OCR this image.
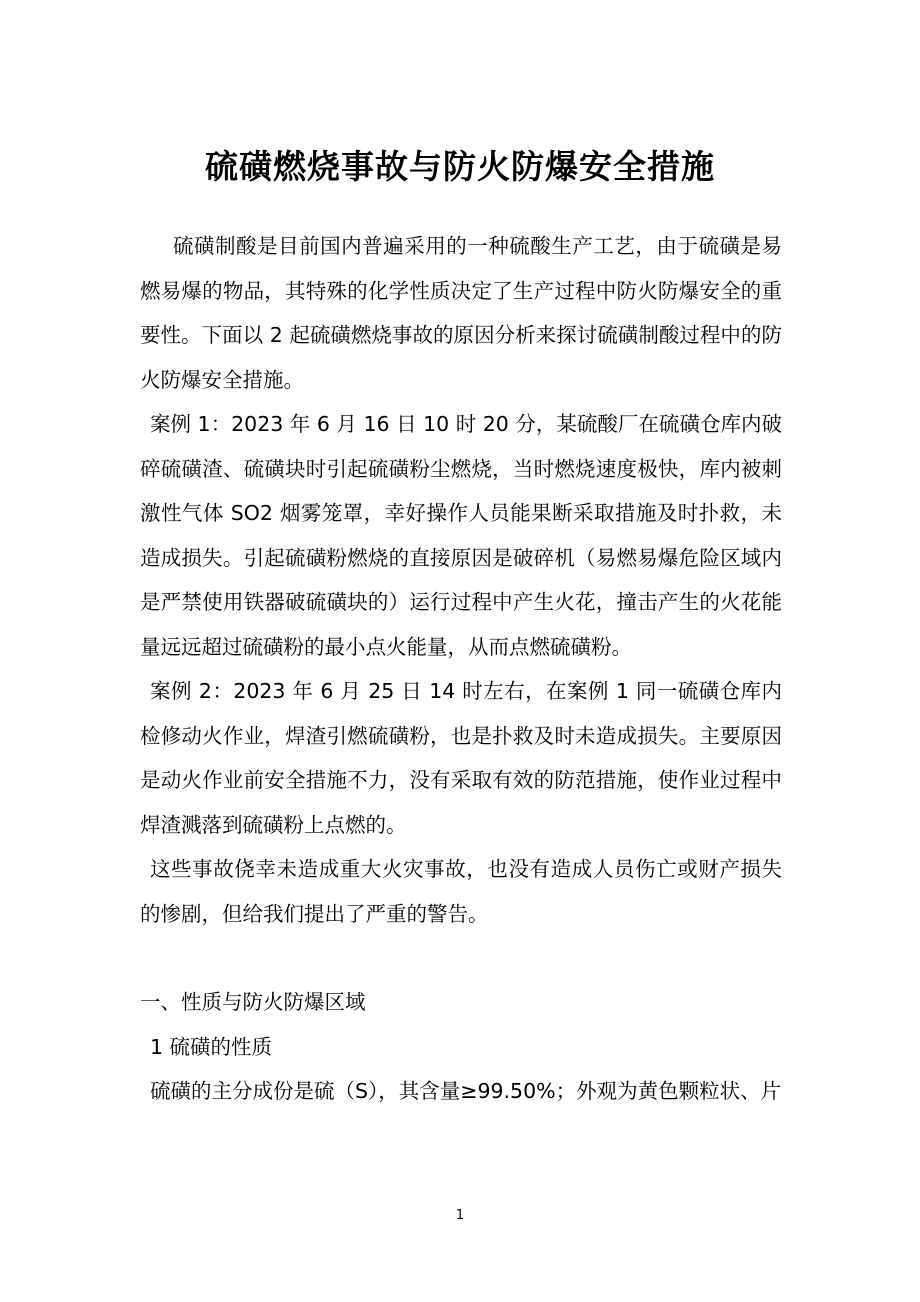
硫磺燃烧事故与防火防爆安全措施

硫磺制酸是目前国内普遍采用的一种硫酸生产工艺，由于硫磺是易燃易爆的物品，其特殊的化学性质决定了生产过程中防火防爆安全的重要性。下面以 2 起硫磺燃烧事故的原因分析来探讨硫磺制酸过程中的防火防爆安全措施。

案例 1：2023 年 6 月 16 日 10 时 20 分，某硫酸厂在硫磺仓库内破碎硫磺渣、硫磺块时引起硫磺粉尘燃烧，当时燃烧速度极快，库内被刺激性气体 SO2 烟雾笼罩，幸好操作人员能果断采取措施及时扑救，未造成损失。引起硫磺粉燃烧的直接原因是破碎机（易燃易爆危险区域内是严禁使用铁器破硫磺块的）运行过程中产生火花，撞击产生的火花能量远远超过硫磺粉的最小点火能量，从而点燃硫磺粉。

案例 2：2023 年 6 月 25 日 14 时左右，在案例 1 同一硫磺仓库内检修动火作业，焊渣引燃硫磺粉，也是扑救及时未造成损失。主要原因是动火作业前安全措施不力，没有采取有效的防范措施，使作业过程中焊渣溅落到硫磺粉上点燃的。

这些事故侥幸未造成重大火灾事故，也没有造成人员伤亡或财产损失的惨剧，但给我们提出了严重的警告。

一、性质与防火防爆区域

1 硫磺的性质

硫磺的主分成份是硫（S），其含量≥99.50%；外观为黄色颗粒状、片

1
